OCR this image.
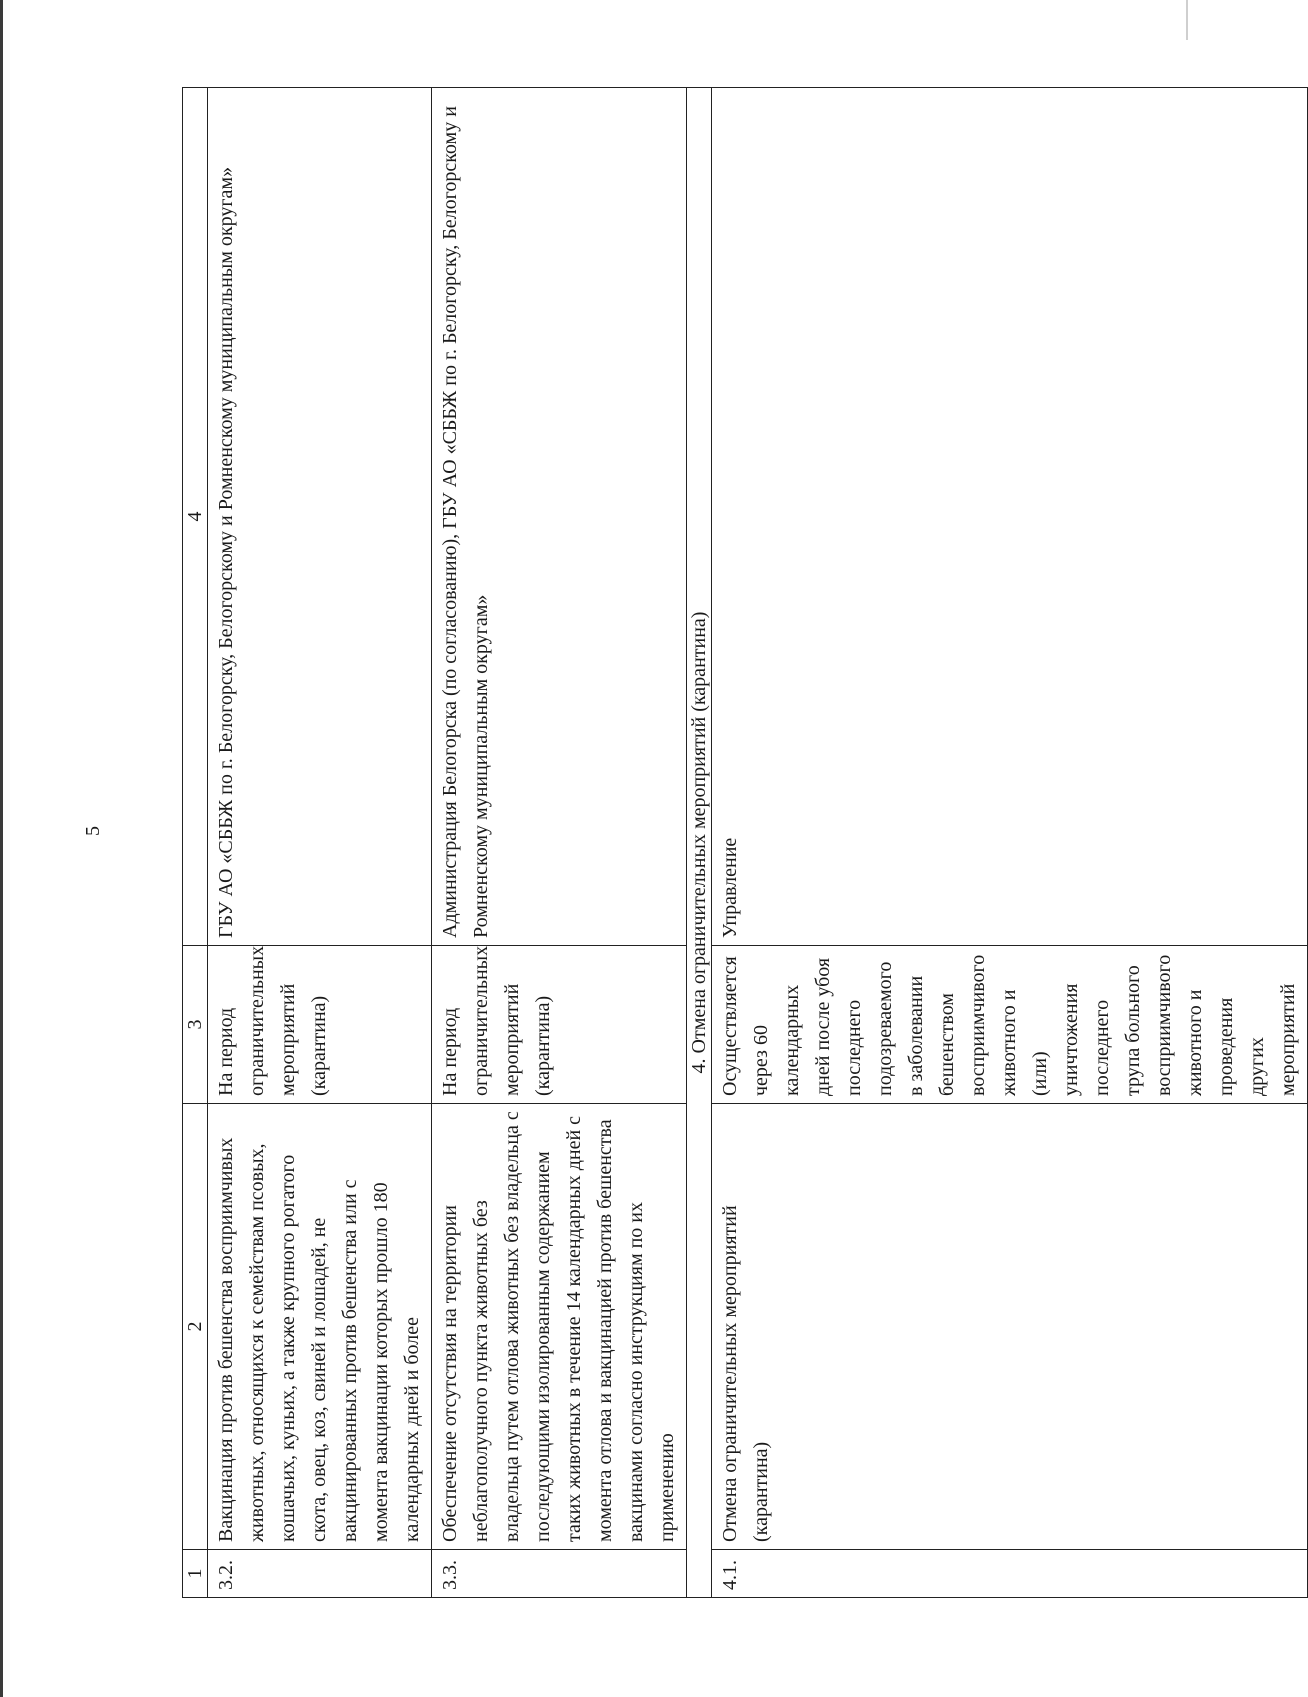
5
1	2	3	4
3.2.	Вакцинация против бешенства восприимчивых животных, относящихся к семействам псовых, кошачьих, куньих, а также крупного рогатого скота, овец, коз, свиней и лошадей, не вакцинированных против бешенства или с момента вакцинации которых прошло 180 календарных дней и более	На период ограничительных мероприятий (карантина)	ГБУ АО «СББЖ по г. Белогорску, Белогорскому и Ромненскому муниципальным округам»
3.3.	Обеспечение отсутствия на территории неблагополучного пункта животных без владельца путем отлова животных без владельца с последующими изолированным содержанием таких животных в течение 14 календарных дней с момента отлова и вакцинацией против бешенства вакцинами согласно инструкциям по их применению	На период ограничительных мероприятий (карантина)	Администрация Белогорска (по согласованию), ГБУ АО «СББЖ по г. Белогорску, Белогорскому и Ромненскому муниципальным округам»
4. Отмена ограничительных мероприятий (карантина)			
4.1.	Отмена ограничительных мероприятий (карантина)	Осуществляется через 60 календарных дней после убоя последнего подозреваемого в заболевании бешенством восприимчивого животного и (или) уничтожения последнего трупа больного восприимчивого животного и проведения других мероприятий	Управление
